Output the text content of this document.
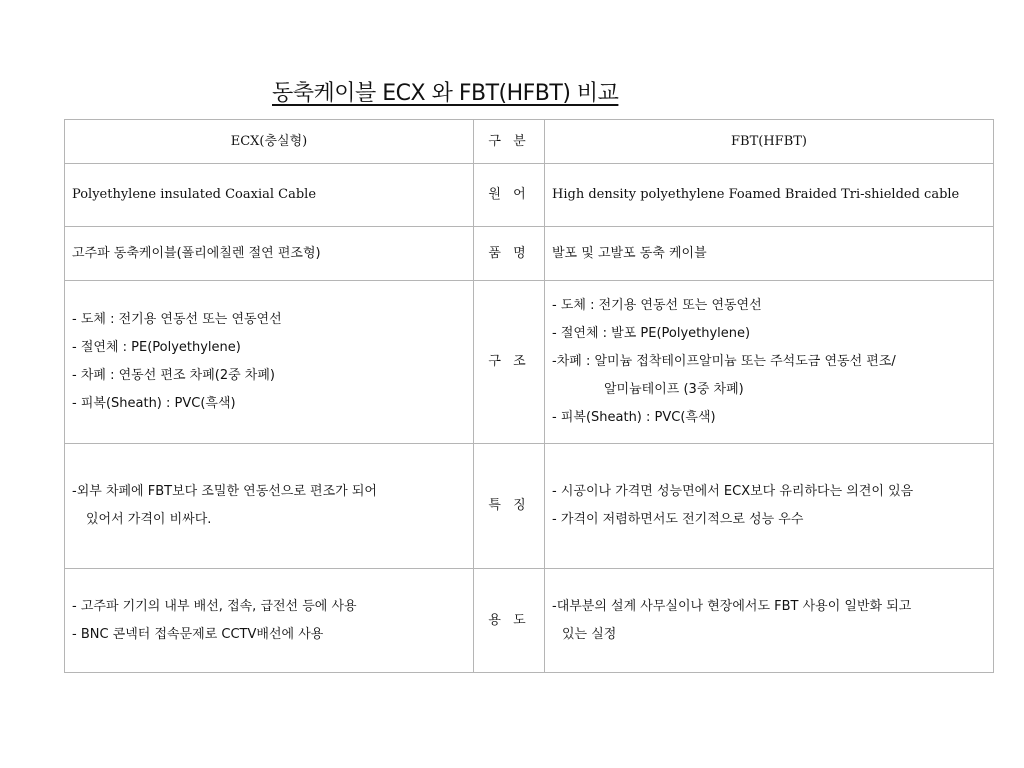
동축케이블 ECX 와 FBT(HFBT) 비교
ECX(충실형)	구 분	FBT(HFBT)

Polyethylene insulated Coaxial Cable	원 어	High density polyethylene Foamed Braided Tri-shielded cable

고주파 동축케이블(폴리에칠렌 절연 편조형)	품 명	발포 및 고발포 동축 케이블

- 도체 : 전기용 연동선 또는 연동연선
- 절연체 : PE(Polyethylene)
- 차폐 : 연동선 편조 차폐(2중 차폐)
- 피복(Sheath) : PVC(흑색)	구 조	- 도체 : 전기용 연동선 또는 연동연선
- 절연체 : 발포 PE(Polyethylene)
-차폐 : 알미늄 접착테이프알미늄 또는 주석도금 연동선 편조/
알미늄테이프 (3중 차폐)
- 피복(Sheath) : PVC(흑색)

-외부 차페에 FBT보다 조밀한 연동선으로 편조가 되어
있어서 가격이 비싸다.	특 징	- 시공이나 가격면 성능면에서 ECX보다 유리하다는 의견이 있음
- 가격이 저렴하면서도 전기적으로 성능 우수

- 고주파 기기의 내부 배선, 접속, 급전선 등에 사용
- BNC 콘넥터 접속문제로 CCTV배선에 사용	용 도	-대부분의 설계 사무실이나 현장에서도 FBT 사용이 일반화 되고
있는 실정
